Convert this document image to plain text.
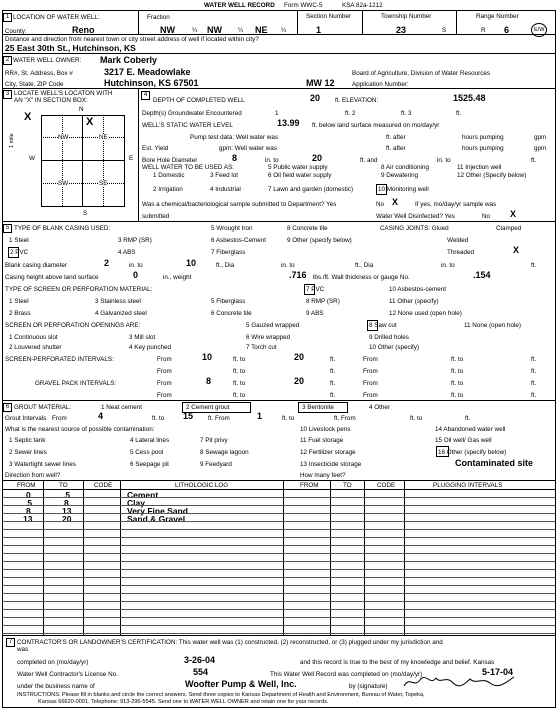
WATER WELL RECORD Form WWC-5	KSA 82a-1212
1 LOCATION OF WATER WELL:
County:	Reno
Fraction
NW	¼ NW	¼ NE ¼
Section Number
1
Township Number
23	S
Range Number
R 6	E/W
Distance and direction from nearest town or city street address of well if located within city?
25 East 30th St., Hutchinson, KS
2 WATER WELL OWNER: Mark Coberly
RR#, St. Address, Box #	3217 E. Meadowlake
City, State, ZIP Code	Hutchinson, KS 67501
Board of Agriculture, Division of Water Resources
Application Number:
MW 12
3 LOCATE WELL'S LOCATON WITH
AN "X" IN SECTION BOX:
N
S
W	E
X
NW	NE
SW	SE
X
1 mile
4
DEPTH OF COMPLETED WELL	20 ft. ELEVATION:	1525.48
Depth(s) Groundwater Encountered	1	ft. 2	ft. 3	ft.
WELL'S STATIC WATER LEVEL	13.99 ft. below land surface measured on mo/day/yr
Pump test data: Well water was	ft. after	hours pumping	gpm
Est. Yield	gpm: Well water was	ft. after	hours pumping	gpm
Bore Hole Diameter	8	in. to	20	ft. and	in. to	ft.
WELL WATER TO BE USED AS:
1 Domestic	3 Feed lot
5 Public water supply
6 Oil field water supply
8 Air conditioning
9 Dewatering
11 Injection well
12 Other (Specify below)
2 Irrigation	4 Industrial	7 Lawn and garden (domestic)	10 Monitoring well
Was a chemical/bacteriological sample submitted to Department? Yes	No X	If yes, mo/day/yr sample was
submitted	Water Well Disinfected? Yes	No X
5 TYPE OF BLANK CASING USED:
1 Steel	3 RMP (SR)
5 Wrought Iron
6 Asbestos-Cement
8 Concrete tile
9 Other (specify below)
2 PVC	4 ABS	7 Fiberglass
CASING JOINTS: Glued	Clamped
Welded
Threaded	X
Blank casing diameter	2	in. to	10	ft., Dia	in. to	ft., Dia	in. to	ft.
Casing height above land surface	0	in., weight	.716 lbs./ft. Wall thickness or gauge No.	.154
TYPE OF SCREEN OR PERFORATION MATERIAL:
1 Steel	3 Stainless steel	5 Fiberglass
7 PVC
8 RMP (SR)
10 Asbestos-cement
11 Other (specify)
2 Brass	4 Galvanized steel	6 Concrete tile	9 ABS	12 None used (open hole)
SCREEN OR PERFORATION OPENINGS ARE:	5 Gauzed wrapped	8 Saw cut	11 None (open hole)
1 Continuous slot	3 Mill slot	6 Wire wrapped	9 Drilled holes
2 Louvered shutter	4 Key punched	7 Torch cut	10 Other (specify)
SCREEN-PERFORATED INTERVALS:	From	10	ft. to	20	ft.	From	ft. to	ft.
From	ft. to	ft.	From	ft. to	ft.
GRAVEL PACK INTERVALS:	From	8	ft. to	20	ft.	From	ft. to	ft.
From	ft. to	ft.	From	ft. to	ft.
6 GROUT MATERIAL:	1 Neat cement	2 Cement grout	3 Bentonite	4 Other
Grout Intervals From	4	ft. to 15 ft. From	1	ft. to	ft. From	ft. to	ft.
What is the nearest source of possible contamination:
1 Septic tank	4 Lateral lines	7 Pit privy
10 Livestock pens	14 Abandoned water well
2 Sewer lines	5 Cess pool	8 Sewage lagoon
11 Fuel storage	15 Oil well/ Gas well
3 Watertight sewer lines	6 Seepage pit	9 Feedyard
12 Fertilizer storage
13 Insecticide storage
16 Other (specify below)
Contaminated site
Direction from well?	How many feet?
FROM	TO	CODE	LITHOLOGIC LOG	FROM	TO	CODE	PLUGGING INTERVALS
0	.5	Cement
.5	8	Clay
8	13	Very Fine Sand
13	20	Sand & Gravel
7 CONTRACTOR'S OR LANDOWNER'S CERTIFICATION: This water well was (1) constructed, (2) reconstructed, or (3) plugged under my jurisdiction and
was
completed on (mo/day/yr)	3-26-04	and this record is true to the best of my knowledge and belief. Kansas
Water Well Contractor's License No.	554	This Water Well Record was completed on (mo/day/yr)	5-17-04
under the business name of	Woofter Pump & Well, Inc.	by (signature)
INSTRUCTIONS: Please fill in blanks and circle the correct answers. Send three copies to Kansas Department of Health and Environment, Bureau of Water, Topeka,
Kansas 66620-0001. Telephone: 913-296-5545. Send one to WATER WELL OWNER and retain one for your records.
